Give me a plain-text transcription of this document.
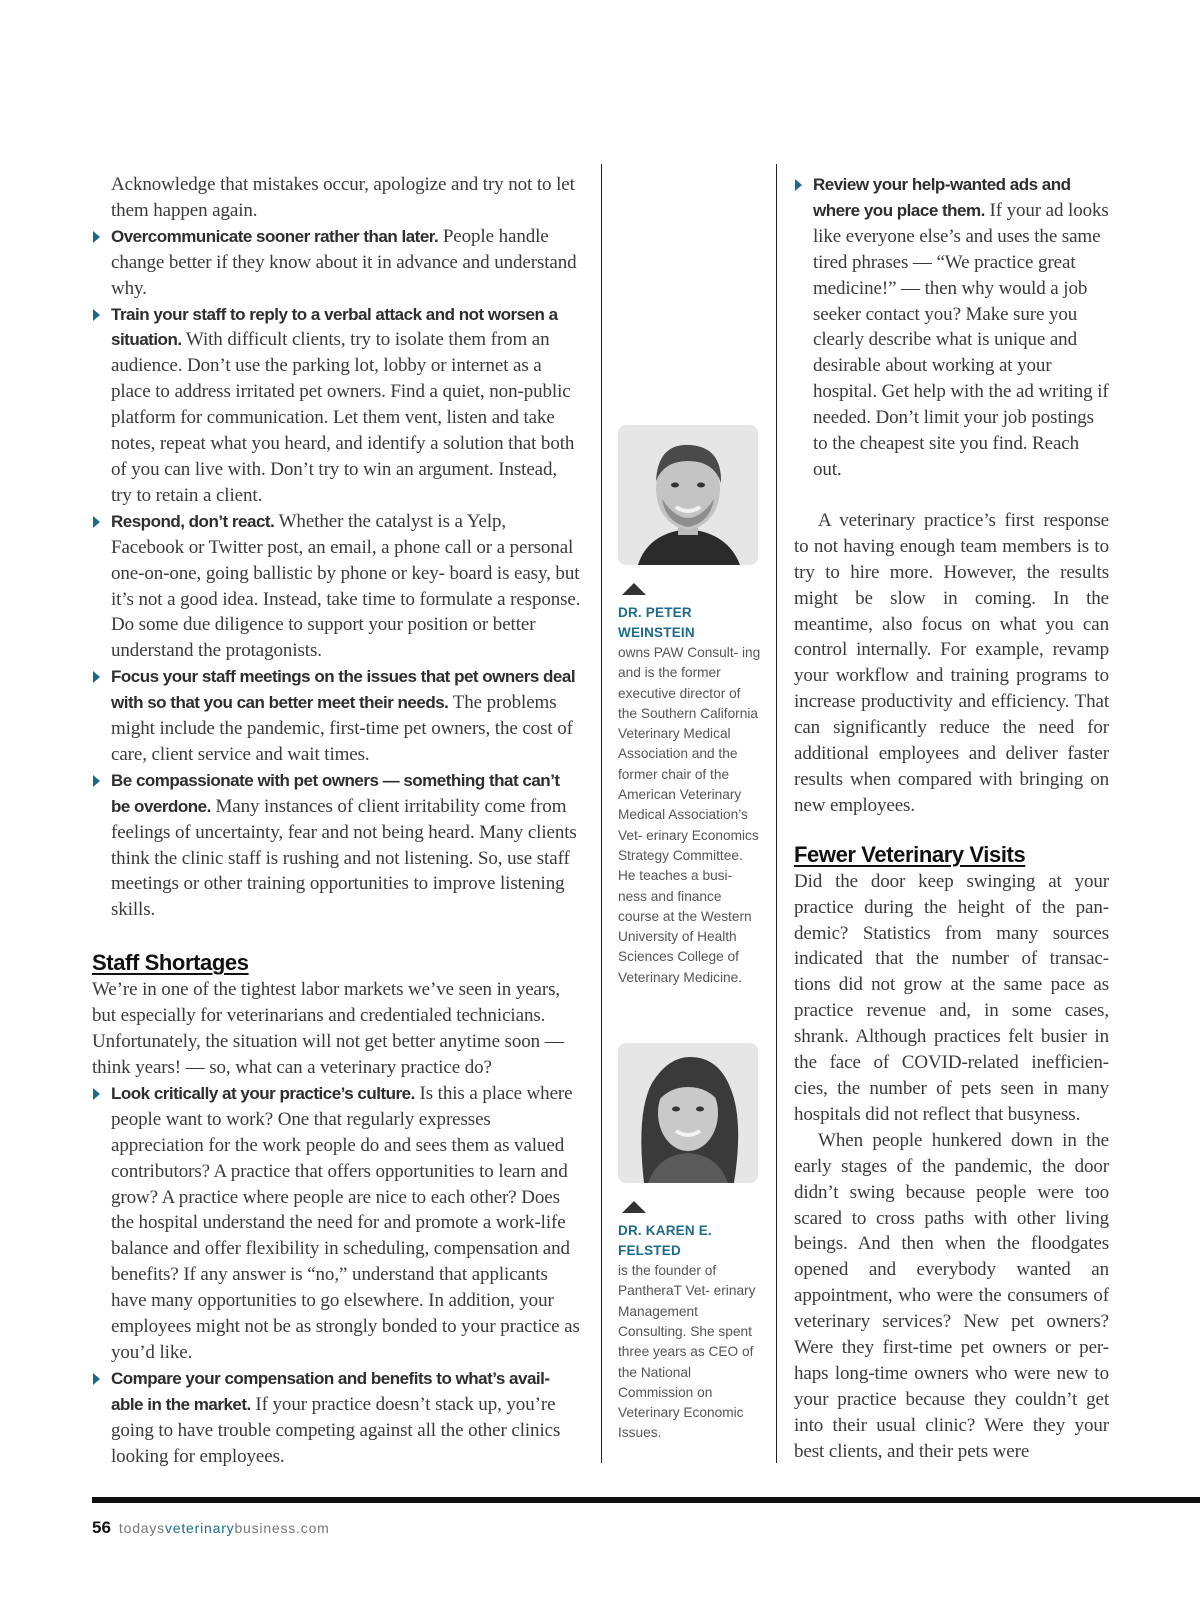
Acknowledge that mistakes occur, apologize and try not to let them happen again.

Overcommunicate sooner rather than later. People handle change better if they know about it in advance and understand why.

Train your staff to reply to a verbal attack and not worsen a situation. With difficult clients, try to isolate them from an audience. Don’t use the parking lot, lobby or internet as a place to address irritated pet owners. Find a quiet, non-public platform for communication. Let them vent, listen and take notes, repeat what you heard, and identify a solution that both of you can live with. Don’t try to win an argument. Instead, try to retain a client.

Respond, don’t react. Whether the catalyst is a Yelp, Facebook or Twitter post, an email, a phone call or a personal one-on-one, going ballistic by phone or key- board is easy, but it’s not a good idea. Instead, take time to formulate a response. Do some due diligence to support your position or better understand the protagonists.

Focus your staff meetings on the issues that pet owners deal with so that you can better meet their needs. The problems might include the pandemic, first-time pet owners, the cost of care, client service and wait times.

Be compassionate with pet owners — something that can’t be overdone. Many instances of client irritability come from feelings of uncertainty, fear and not being heard. Many clients think the clinic staff is rushing and not listening. So, use staff meetings or other training opportunities to improve listening skills.

Staff Shortages

We’re in one of the tightest labor markets we’ve seen in years, but especially for veterinarians and credentialed technicians. Unfortunately, the situation will not get better anytime soon — think years! — so, what can a veterinary practice do?

Look critically at your practice’s culture. Is this a place where people want to work? One that regularly expresses appreciation for the work people do and sees them as valued contributors? A practice that offers opportunities to learn and grow? A practice where people are nice to each other? Does the hospital understand the need for and promote a work-life balance and offer flexibility in scheduling, compensation and benefits? If any answer is “no,” understand that applicants have many opportunities to go elsewhere. In addition, your employees might not be as strongly bonded to your practice as you’d like.

Compare your compensation and benefits to what’s avail- able in the market. If your practice doesn’t stack up, you’re going to have trouble competing against all the other clinics looking for employees.

DR. PETER WEINSTEIN

owns PAW Consult- ing and is the former executive director of the Southern California Veterinary Medical Association and the former chair of the American Veterinary Medical Association’s Vet- erinary Economics Strategy Committee. He teaches a busi- ness and finance course at the Western University of Health Sciences College of Veterinary Medicine.

DR. KAREN E. FELSTED

is the founder of PantheraT Vet- erinary Management Consulting. She spent three years as CEO of the National Commission on Veterinary Economic Issues.

Review your help-wanted ads and where you place them. If your ad looks like everyone else’s and uses the same tired phrases — “We practice great medicine!” — then why would a job seeker contact you? Make sure you clearly describe what is unique and desirable about working at your hospital. Get help with the ad writing if needed. Don’t limit your job postings to the cheapest site you find. Reach out.

A veterinary practice’s first response to not having enough team members is to try to hire more. However, the results might be slow in coming. In the meantime, also focus on what you can control internally. For example, revamp your workflow and training programs to increase productivity and efficiency. That can significantly reduce the need for additional employees and deliver faster results when compared with bringing on new employees.

Fewer Veterinary Visits

Did the door keep swinging at your practice during the height of the pan- demic? Statistics from many sources indicated that the number of transac- tions did not grow at the same pace as practice revenue and, in some cases, shrank. Although practices felt busier in the face of COVID-related inefficien- cies, the number of pets seen in many hospitals did not reflect that busyness.

When people hunkered down in the early stages of the pandemic, the door didn’t swing because people were too scared to cross paths with other living beings. And then when the floodgates opened and everybody wanted an appointment, who were the consumers of veterinary services? New pet owners? Were they first-time pet owners or per- haps long-time owners who were new to your practice because they couldn’t get into their usual clinic? Were they your best clients, and their pets were

56 todaysveterinarybusiness.com
